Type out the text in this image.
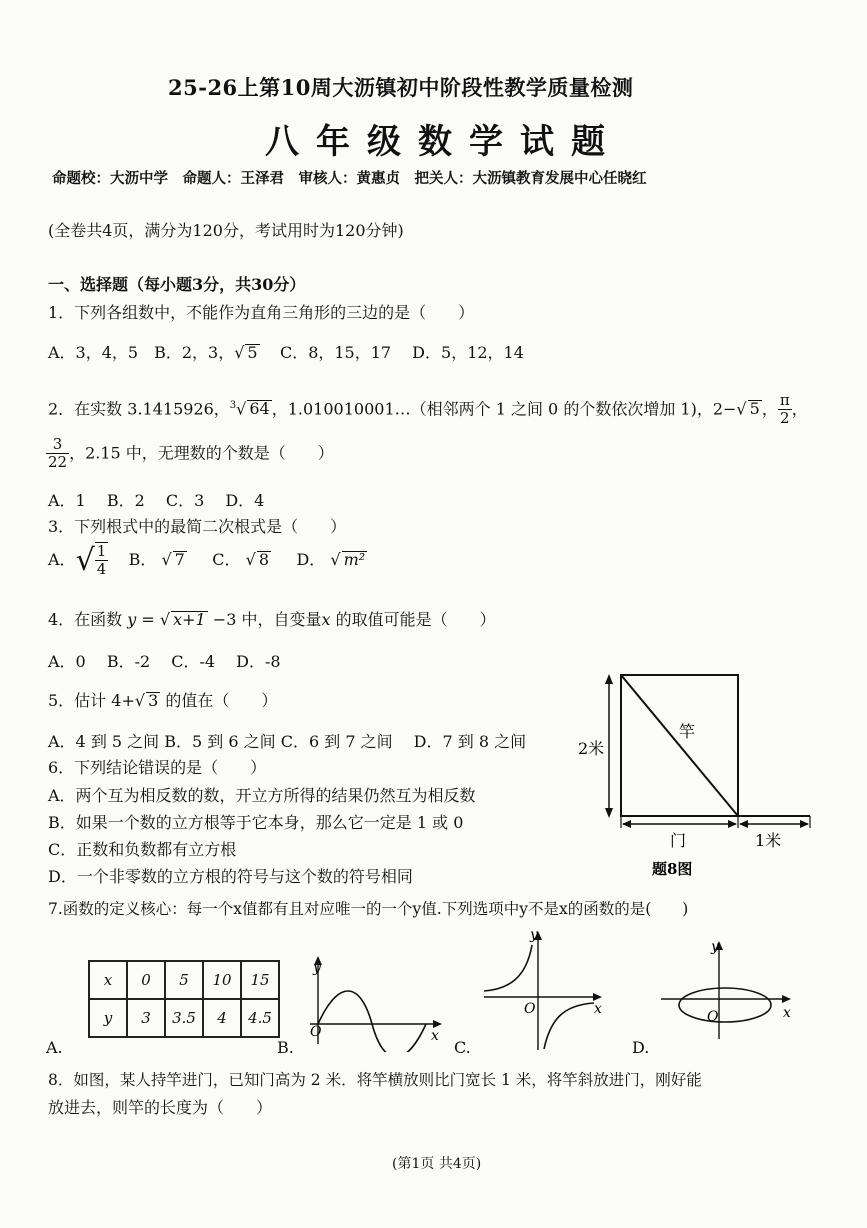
25-26上第10周大沥镇初中阶段性教学质量检测
八年级数学试题
命题校：大沥中学　命题人：王泽君　审核人：黄惠贞　把关人：大沥镇教育发展中心任晓红
(全卷共4页，满分为120分，考试用时为120分钟)
一、选择题（每小题3分，共30分）
1．下列各组数中，不能作为直角三角形的三边的是（　　）
A．3，4，5　B．2，3，√ 5 C．8，15，17　 D．5，12，14
2．在实数 3.1415926，$^3$√ 64 ，1.010010001…（相邻两个 1 之间 0 的个数依次增加 1)，2−√ 5 ， $\frac{\pi}{2}$ ，
$\frac{3}{22}$ ，2.15 中，无理数的个数是（　　）
A．1　 B．2　 C．3　 D．4
3．下列根式中的最简二次根式是（　　）
A．√ $\frac{1}{4}$ B． √ 7 C． √ 8 D． √ m²
4．在函数 y = √ x+1 −3 中，自变量x 的取值可能是（　　）
A．0　 B．-2　 C．-4　 D．-8
5．估计 4+√ 3 的值在（　　）
A．4 到 5 之间 B．5 到 6 之间 C．6 到 7 之间　 D．7 到 8 之间
6．下列结论错误的是（　　）
A．两个互为相反数的数，开立方所得的结果仍然互为相反数
B．如果一个数的立方根等于它本身，那么它一定是 1 或 0
C．正数和负数都有立方根
D．一个非零数的立方根的符号与这个数的符号相同
2米
竿
门	1米
题8图
7.函数的定义核心：每一个x值都有且对应唯一的一个y值.下列选项中y不是x的函数的是(　　)
A.
x	0	5	10	15
y	3	3.5	4	4.5
B.
y
x
O
C.
y
x
O
D.
y
x
O
8．如图，某人持竿进门，已知门高为 2 米．将竿横放则比门宽长 1 米，将竿斜放进门，刚好能
放进去，则竿的长度为（　　）
(第1页 共4页)
